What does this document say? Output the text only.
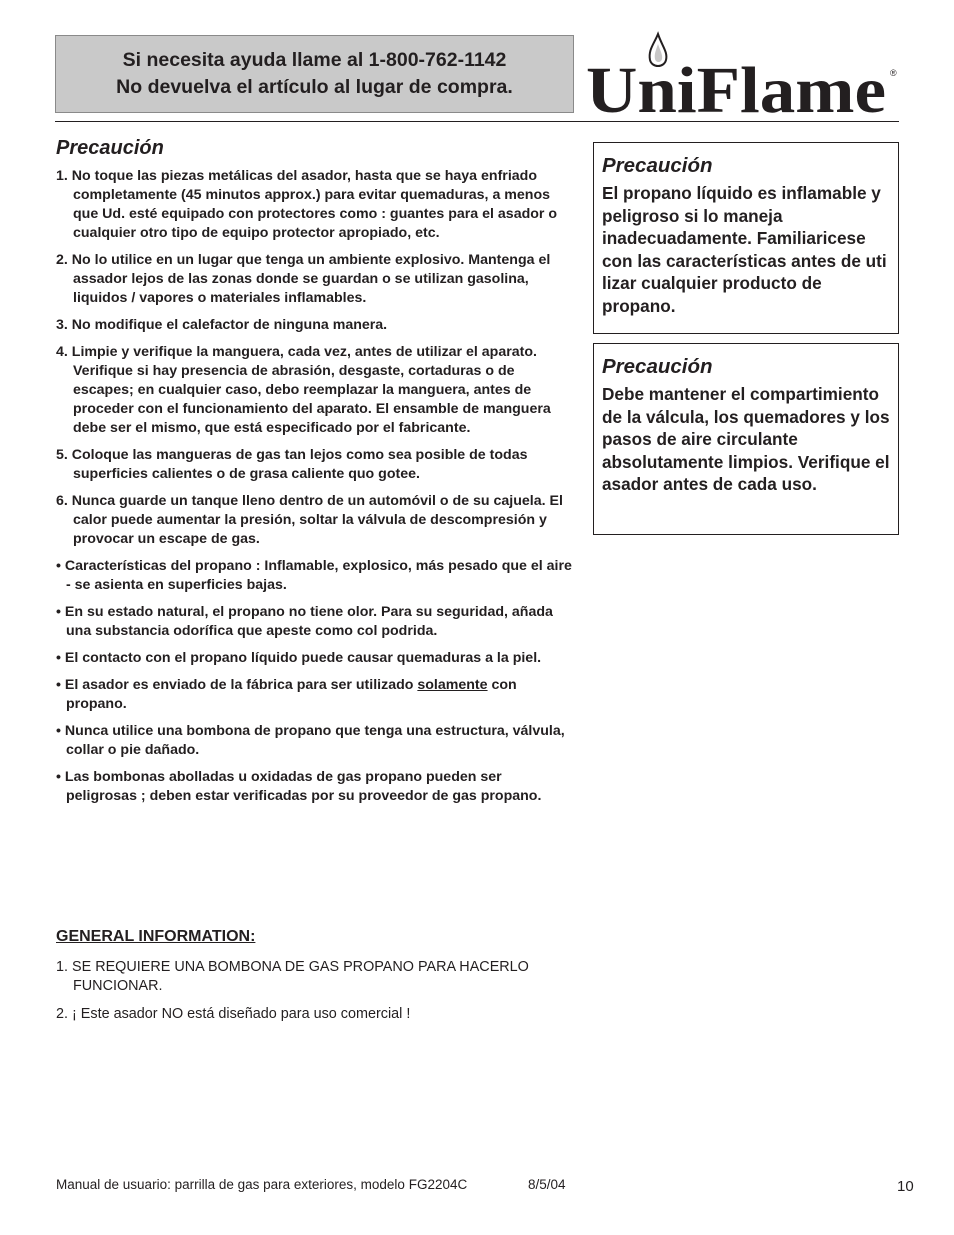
Si necesita ayuda llame al 1-800-762-1142
No devuelva el artículo al lugar de compra. UniFlame ®
Precaución
1. No toque las piezas metálicas del asador, hasta que se haya enfriado completamente (45 minutos approx.) para evitar quemaduras, a menos que Ud. esté equipado con protectores como : guantes para el asador o cualquier otro tipo de equipo protector apropiado, etc.
2. No lo utilice en un lugar que tenga un ambiente explosivo. Mantenga el assador lejos de las zonas donde se guardan o se utilizan gasolina, liquidos / vapores o materiales inflamables.
3. No modifique el calefactor de ninguna manera.
4. Limpie y verifique la manguera, cada vez, antes de utilizar el aparato. Verifique si hay presencia de abrasión, desgaste, cortaduras o de escapes; en cualquier caso, debo reemplazar la manguera, antes de proceder con el funcionamiento del aparato. El ensamble de manguera debe ser el mismo, que está especificado por el fabricante.
5. Coloque las mangueras de gas tan lejos como sea posible de todas superficies calientes o de grasa caliente quo gotee.
6. Nunca guarde un tanque lleno dentro de un automóvil o de su cajuela. El calor puede aumentar la presión, soltar la válvula de descompresión y provocar un escape de gas.
• Características del propano : Inflamable, explosico, más pesado que el aire - se asienta en superficies bajas.
• En su estado natural, el propano no tiene olor. Para su seguridad, añada una substancia odorífica que apeste como col podrida.
• El contacto con el propano líquido puede causar quemaduras a la piel.
• El asador es enviado de la fábrica para ser utilizado solamente con propano.
• Nunca utilice una bombona de propano que tenga una estructura, válvula, collar o pie dañado.
• Las bombonas abolladas u oxidadas de gas propano pueden ser peligrosas ; deben estar verificadas por su proveedor de gas propano.
Precaución
El propano líquido es inflamable y peligroso si lo maneja inadecuadamente. Familiaricese con las características antes de uti lizar cualquier producto de propano.
Precaución
Debe mantener el compartimiento de la válcula, los quemadores y los pasos de aire circulante absolutamente limpios. Verifique el asador antes de cada uso.
GENERAL INFORMATION:
1. SE REQUIERE UNA BOMBONA DE GAS PROPANO PARA HACERLO FUNCIONAR.
2. ¡ Este asador NO está diseñado para uso comercial !
Manual de usuario: parrilla de gas para exteriores, modelo FG2204C	8/5/04	10
